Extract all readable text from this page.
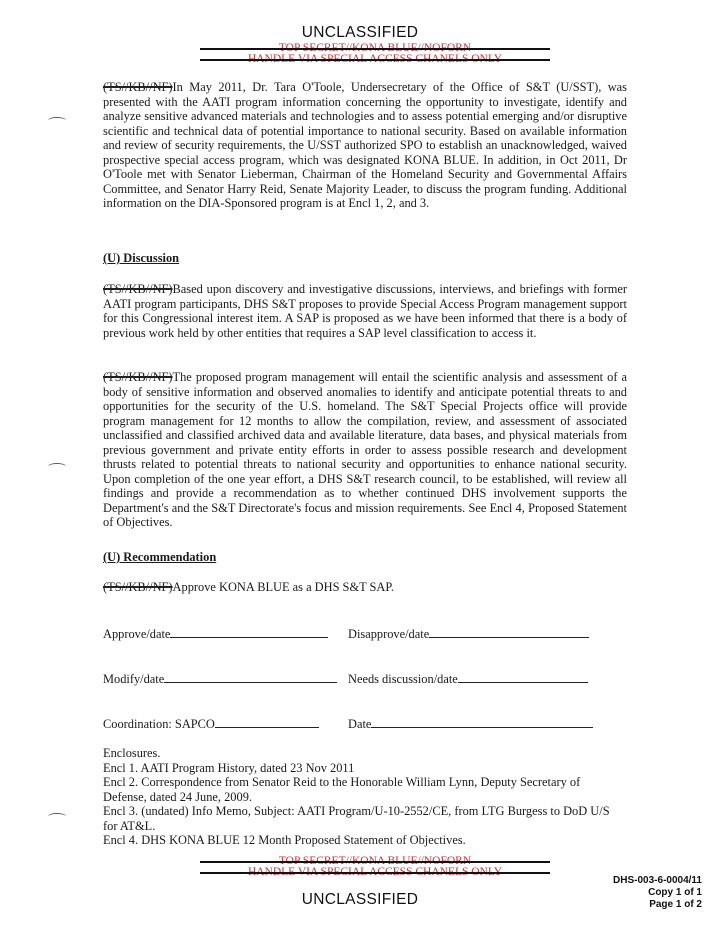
UNCLASSIFIED
(TS//KB//NF)In May 2011, Dr. Tara O'Toole, Undersecretary of the Office of S&T (U/SST), was presented with the AATI program information concerning the opportunity to investigate, identify and analyze sensitive advanced materials and technologies and to assess potential emerging and/or disruptive scientific and technical data of potential importance to national security. Based on available information and review of security requirements, the U/SST authorized SPO to establish an unacknowledged, waived prospective special access program, which was designated KONA BLUE. In addition, in Oct 2011, Dr O'Toole met with Senator Lieberman, Chairman of the Homeland Security and Governmental Affairs Committee, and Senator Harry Reid, Senate Majority Leader, to discuss the program funding. Additional information on the DIA-Sponsored program is at Encl 1, 2, and 3.
(U) Discussion
(TS//KB//NF)Based upon discovery and investigative discussions, interviews, and briefings with former AATI program participants, DHS S&T proposes to provide Special Access Program management support for this Congressional interest item. A SAP is proposed as we have been informed that there is a body of previous work held by other entities that requires a SAP level classification to access it.
(TS//KB//NF)The proposed program management will entail the scientific analysis and assessment of a body of sensitive information and observed anomalies to identify and anticipate potential threats to and opportunities for the security of the U.S. homeland. The S&T Special Projects office will provide program management for 12 months to allow the compilation, review, and assessment of associated unclassified and classified archived data and available literature, data bases, and physical materials from previous government and private entity efforts in order to assess possible research and development thrusts related to potential threats to national security and opportunities to enhance national security. Upon completion of the one year effort, a DHS S&T research council, to be established, will review all findings and provide a recommendation as to whether continued DHS involvement supports the Department's and the S&T Directorate's focus and mission requirements. See Encl 4, Proposed Statement of Objectives.
(U) Recommendation
(TS//KB//NF)Approve KONA BLUE as a DHS S&T SAP.
Approve/date	Disapprove/date
Modify/date	Needs discussion/date
Coordination: SAPCO	Date
Enclosures.
Encl 1. AATI Program History, dated 23 Nov 2011
Encl 2. Correspondence from Senator Reid to the Honorable William Lynn, Deputy Secretary of Defense, dated 24 June, 2009.
Encl 3. (undated) Info Memo, Subject: AATI Program/U-10-2552/CE, from LTG Burgess to DoD U/S for AT&L.
Encl 4. DHS KONA BLUE 12 Month Proposed Statement of Objectives.
UNCLASSIFIED
DHS-003-6-0004/11
Copy 1 of 1
Page 1 of 2
